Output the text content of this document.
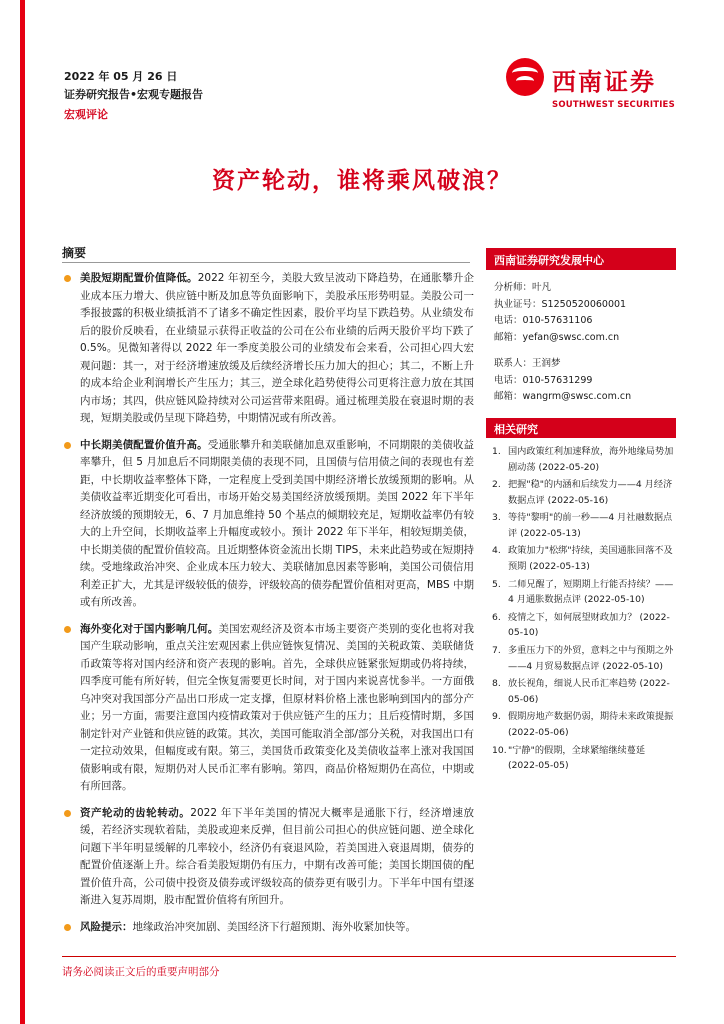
2022 年 05 月 26 日
证券研究报告•宏观专题报告
宏观评论
西南证券
SOUTHWEST SECURITIES
资产轮动，谁将乘风破浪？
摘要
美股短期配置价值降低。2022 年初至今，美股大致呈波动下降趋势，在通胀攀升企业成本压力增大、供应链中断及加息等负面影响下，美股承压形势明显。美股公司一季报披露的积极业绩抵消不了诸多不确定性因素，股价平均呈下跌趋势。从业绩发布后的股价反映看，在业绩显示获得正收益的公司在公布业绩的后两天股价平均下跌了 0.5%。见微知著得以 2022 年一季度美股公司的业绩发布会来看，公司担心四大宏观问题：其一，对于经济增速放缓及后续经济增长压力加大的担心；其二，不断上升的成本给企业利润增长产生压力；其三，逆全球化趋势使得公司更将注意力放在其国内市场；其四，供应链风险持续对公司运营带来阻碍。通过梳理美股在衰退时期的表现，短期美股或仍呈现下降趋势，中期情况或有所改善。
中长期美债配置价值升高。受通胀攀升和美联储加息双重影响，不同期限的美债收益率攀升，但 5 月加息后不同期限美债的表现不同，且国债与信用债之间的表现也有差距，中长期收益率整体下降，一定程度上受到美国中期经济增长放缓预期的影响。从美债收益率近期变化可看出，市场开始交易美国经济放缓预期。美国 2022 年下半年经济放缓的预期较无，6、7 月加息维持 50 个基点的倾期较充足，短期收益率仍有较大的上升空间，长期收益率上升幅度或较小。预计 2022 年下半年，相较短期美债，中长期美债的配置价值较高。且近期整体资金流出长期 TIPS，未来此趋势或在短期持续。受地缘政治冲突、企业成本压力较大、美联储加息因素等影响，美国公司债信用利差正扩大，尤其是评级较低的债券，评级较高的债券配置价值相对更高，MBS 中期或有所改善。
海外变化对于国内影响几何。美国宏观经济及资本市场主要资产类别的变化也将对我国产生联动影响，重点关注宏观因素上供应链恢复情况、美国的关税政策、美联储货币政策等将对国内经济和资产表现的影响。首先，全球供应链紧张短期或仍将持续，四季度可能有所好转，但完全恢复需要更长时间，对于国内来说喜忧参半。一方面俄乌冲突对我国部分产品出口形成一定支撑，但原材料价格上涨也影响到国内的部分产业；另一方面，需要注意国内疫情政策对于供应链产生的压力；且后疫情时期，多国制定针对产业链和供应链的政策。其次，美国可能取消全部/部分关税，对我国出口有一定拉动效果，但幅度或有限。第三，美国货币政策变化及美债收益率上涨对我国国债影响或有限，短期仍对人民币汇率有影响。第四，商品价格短期仍在高位，中期或有所回落。
资产轮动的齿轮转动。2022 年下半年美国的情况大概率是通胀下行，经济增速放缓，若经济实现软着陆，美股或迎来反弹，但目前公司担心的供应链问题、逆全球化问题下半年明显缓解的几率较小，经济仍有衰退风险，若美国进入衰退周期，债券的配置价值逐渐上升。综合看美股短期仍有压力，中期有改善可能；美国长期国债的配置价值升高，公司债中投资及债券或评级较高的债券更有吸引力。下半年中国有望逐渐进入复苏周期，股市配置价值将有所回升。
风险提示：地缘政治冲突加剧、美国经济下行超预期、海外收紧加快等。
西南证券研究发展中心
分析师：叶凡
执业证号：S1250520060001
电话：010-57631106
邮箱：yefan@swsc.com.cn
联系人：王润梦
电话：010-57631299
邮箱：wangrm@swsc.com.cn
相关研究
1. 国内政策红利加速释放，海外地缘局势加剧动荡 (2022-05-20)
2. 把握"稳"的内涵和后续发力——4 月经济数据点评 (2022-05-16)
3. 等待"黎明"的前一秒——4 月社融数据点评 (2022-05-13)
4. 政策加力"松绑"持续，美国通胀回落不及预期 (2022-05-13)
5. 二师兄醒了，短期期上行能否持续？——4 月通胀数据点评 (2022-05-10)
6. 疫情之下，如何展望财政加力？ (2022-05-10)
7. 多重压力下的外贸，意料之中与预期之外——4 月贸易数据点评 (2022-05-10)
8. 放长视角，细说人民币汇率趋势 (2022-05-06)
9. 假期房地产数据仍弱，期待未来政策提振 (2022-05-06)
10. "宁静"的假期，全球紧缩继续蔓延 (2022-05-05)
请务必阅读正文后的重要声明部分
